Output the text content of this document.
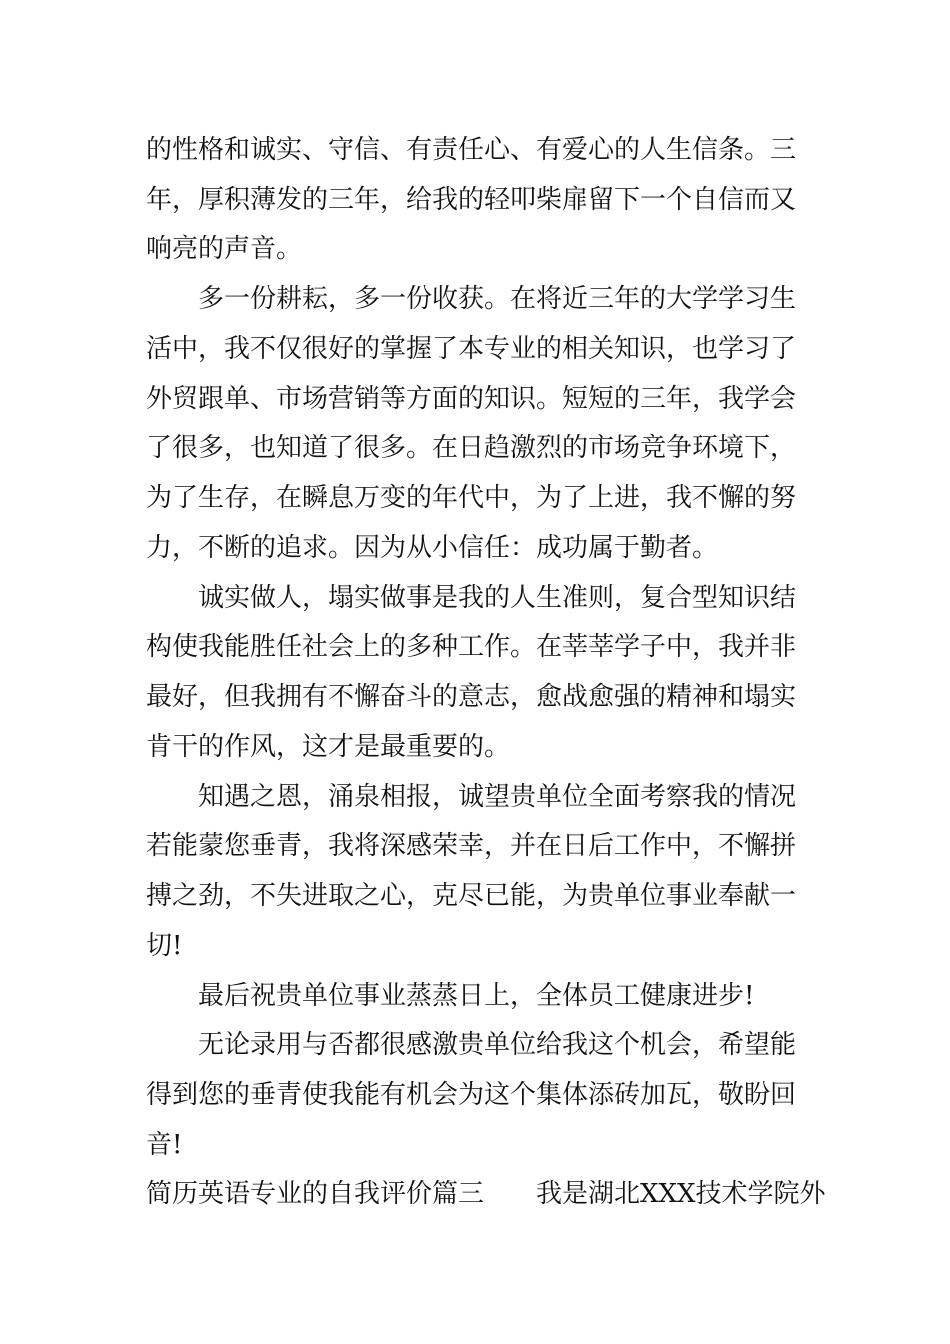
的性格和诚实、守信、有责任心、有爱心的人生信条。三
年，厚积薄发的三年，给我的轻叩柴扉留下一个自信而又
响亮的声音。
多一份耕耘，多一份收获。在将近三年的大学学习生
活中，我不仅很好的掌握了本专业的相关知识，也学习了
外贸跟单、市场营销等方面的知识。短短的三年，我学会
了很多，也知道了很多。在日趋激烈的市场竞争环境下，
为了生存，在瞬息万变的年代中，为了上进，我不懈的努
力，不断的追求。因为从小信任：成功属于勤者。
诚实做人，塌实做事是我的人生准则，复合型知识结
构使我能胜任社会上的多种工作。在莘莘学子中，我并非
最好，但我拥有不懈奋斗的意志，愈战愈强的精神和塌实
肯干的作风，这才是最重要的。
知遇之恩，涌泉相报，诚望贵单位全面考察我的情况
若能蒙您垂青，我将深感荣幸，并在日后工作中，不懈拼
搏之劲，不失进取之心，克尽已能，为贵单位事业奉献一
切!
最后祝贵单位事业蒸蒸日上，全体员工健康进步!
无论录用与否都很感激贵单位给我这个机会，希望能
得到您的垂青使我能有机会为这个集体添砖加瓦，敬盼回
音!
简历英语专业的自我评价篇三　　我是湖北XXX技术学院外
